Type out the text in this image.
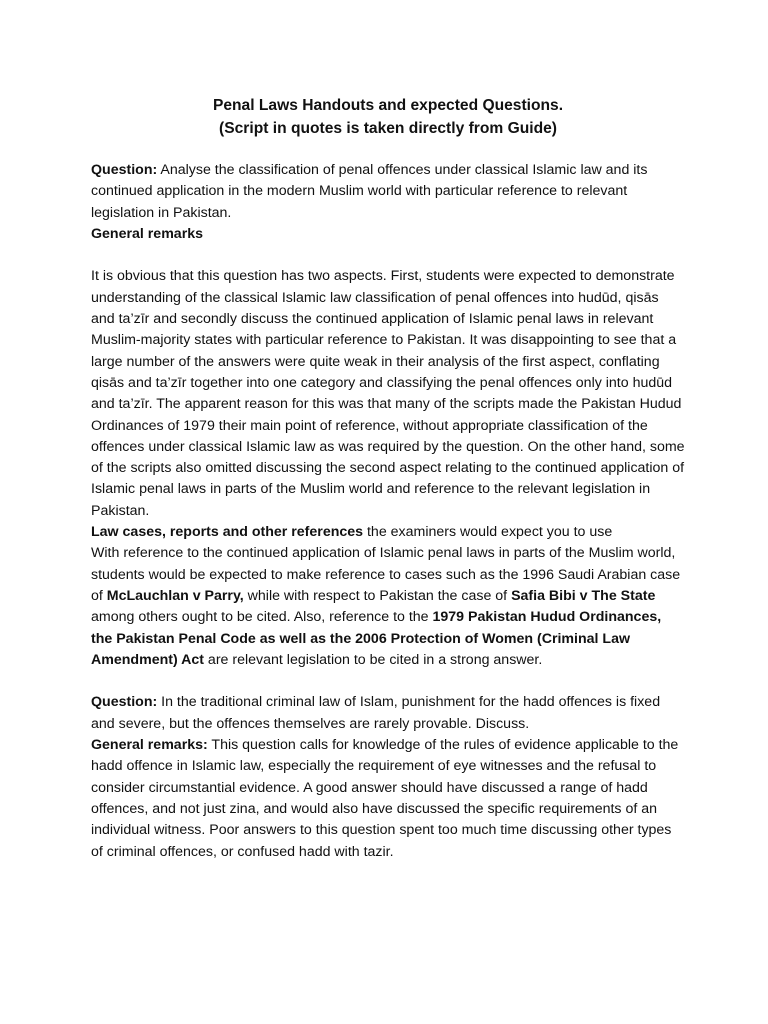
Penal Laws Handouts and expected Questions.
(Script in quotes is taken directly from Guide)

Question: Analyse the classification of penal offences under classical Islamic law and its continued application in the modern Muslim world with particular reference to relevant legislation in Pakistan.

General remarks

It is obvious that this question has two aspects. First, students were expected to demonstrate understanding of the classical Islamic law classification of penal offences into hudūd, qisās and ta’zīr and secondly discuss the continued application of Islamic penal laws in relevant Muslim-majority states with particular reference to Pakistan. It was disappointing to see that a large number of the answers were quite weak in their analysis of the first aspect, conflating qisās and ta’zīr together into one category and classifying the penal offences only into hudūd and ta’zīr. The apparent reason for this was that many of the scripts made the Pakistan Hudud Ordinances of 1979 their main point of reference, without appropriate classification of the offences under classical Islamic law as was required by the question. On the other hand, some of the scripts also omitted discussing the second aspect relating to the continued application of Islamic penal laws in parts of the Muslim world and reference to the relevant legislation in Pakistan.

Law cases, reports and other references the examiners would expect you to use

With reference to the continued application of Islamic penal laws in parts of the Muslim world, students would be expected to make reference to cases such as the 1996 Saudi Arabian case of McLauchlan v Parry, while with respect to Pakistan the case of Safia Bibi v The State among others ought to be cited. Also, reference to the 1979 Pakistan Hudud Ordinances, the Pakistan Penal Code as well as the 2006 Protection of Women (Criminal Law Amendment) Act are relevant legislation to be cited in a strong answer.

Question: In the traditional criminal law of Islam, punishment for the hadd offences is fixed and severe, but the offences themselves are rarely provable. Discuss.

General remarks: This question calls for knowledge of the rules of evidence applicable to the hadd offence in Islamic law, especially the requirement of eye witnesses and the refusal to consider circumstantial evidence. A good answer should have discussed a range of hadd offences, and not just zina, and would also have discussed the specific requirements of an individual witness. Poor answers to this question spent too much time discussing other types of criminal offences, or confused hadd with tazir.
